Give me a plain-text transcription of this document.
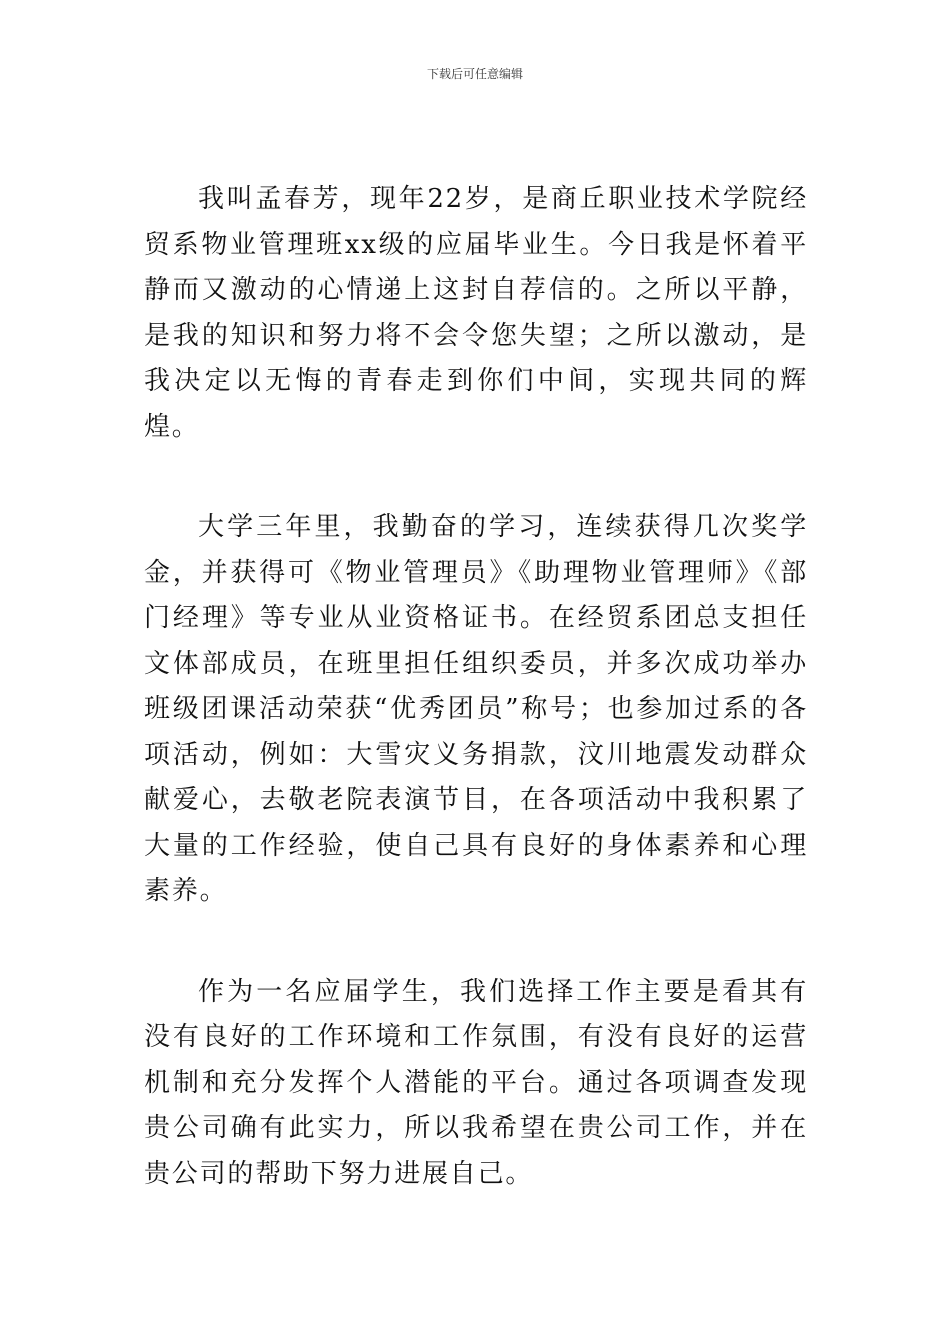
下载后可任意编辑

我叫孟春芳，现年22岁，是商丘职业技术学院经贸系物业管理班xx级的应届毕业生。今日我是怀着平静而又激动的心情递上这封自荐信的。之所以平静，是我的知识和努力将不会令您失望；之所以激动，是我决定以无悔的青春走到你们中间，实现共同的辉煌。

大学三年里，我勤奋的学习，连续获得几次奖学金，并获得可《物业管理员》《助理物业管理师》《部门经理》等专业从业资格证书。在经贸系团总支担任文体部成员，在班里担任组织委员，并多次成功举办班级团课活动荣获“优秀团员”称号；也参加过系的各项活动，例如：大雪灾义务捐款，汶川地震发动群众献爱心，去敬老院表演节目，在各项活动中我积累了大量的工作经验，使自己具有良好的身体素养和心理素养。

作为一名应届学生，我们选择工作主要是看其有没有良好的工作环境和工作氛围，有没有良好的运营机制和充分发挥个人潜能的平台。通过各项调查发现贵公司确有此实力，所以我希望在贵公司工作，并在贵公司的帮助下努力进展自己。
